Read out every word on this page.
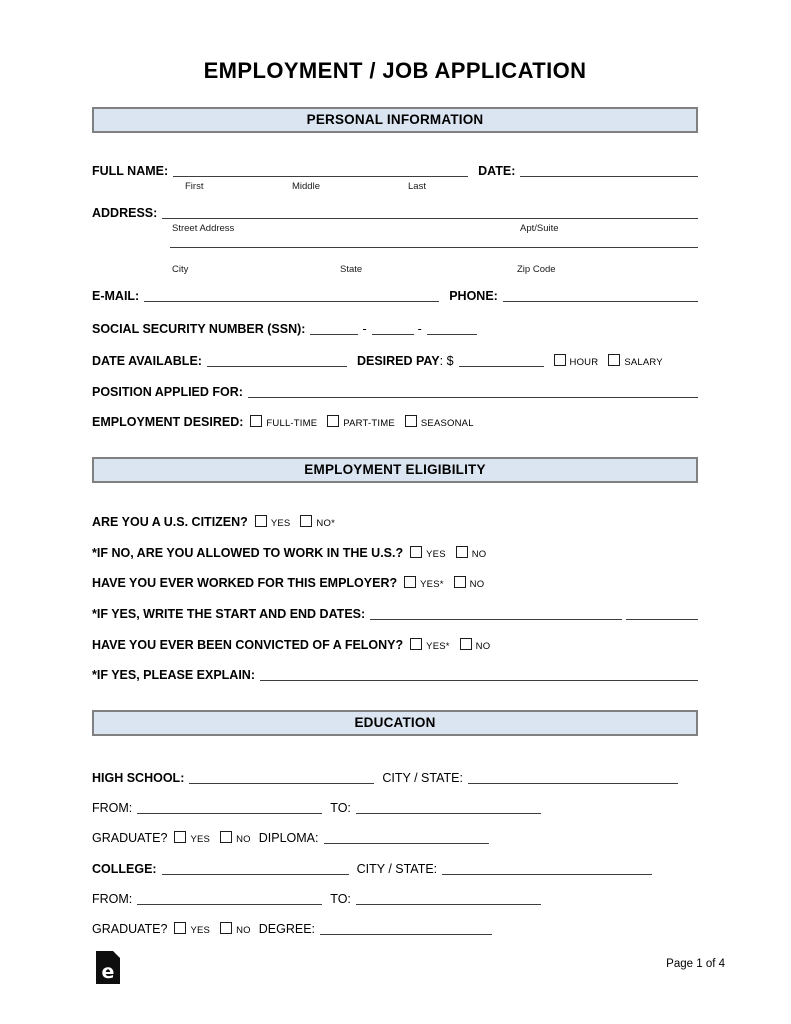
EMPLOYMENT / JOB APPLICATION
PERSONAL INFORMATION
FULL NAME:	DATE:
First	Middle	Last
ADDRESS:
Street Address	Apt/Suite
City	State	Zip Code
E-MAIL:	PHONE:
SOCIAL SECURITY NUMBER (SSN):	-	-
DATE AVAILABLE:	DESIRED PAY : $	HOUR	SALARY
POSITION APPLIED FOR:
EMPLOYMENT DESIRED: FULL-TIME	PART-TIME	SEASONAL
EMPLOYMENT ELIGIBILITY
ARE YOU A U.S. CITIZEN? YES	NO*
*IF NO, ARE YOU ALLOWED TO WORK IN THE U.S.? YES	NO
HAVE YOU EVER WORKED FOR THIS EMPLOYER? YES*	NO
*IF YES, WRITE THE START AND END DATES:
HAVE YOU EVER BEEN CONVICTED OF A FELONY? YES*	NO
*IF YES, PLEASE EXPLAIN:
EDUCATION
HIGH SCHOOL:	CITY / STATE:
FROM:	TO:
GRADUATE? YES	NO DIPLOMA:
COLLEGE:	CITY / STATE:
FROM:	TO:
GRADUATE? YES	NO DEGREE:
e	Page 1 of 4
